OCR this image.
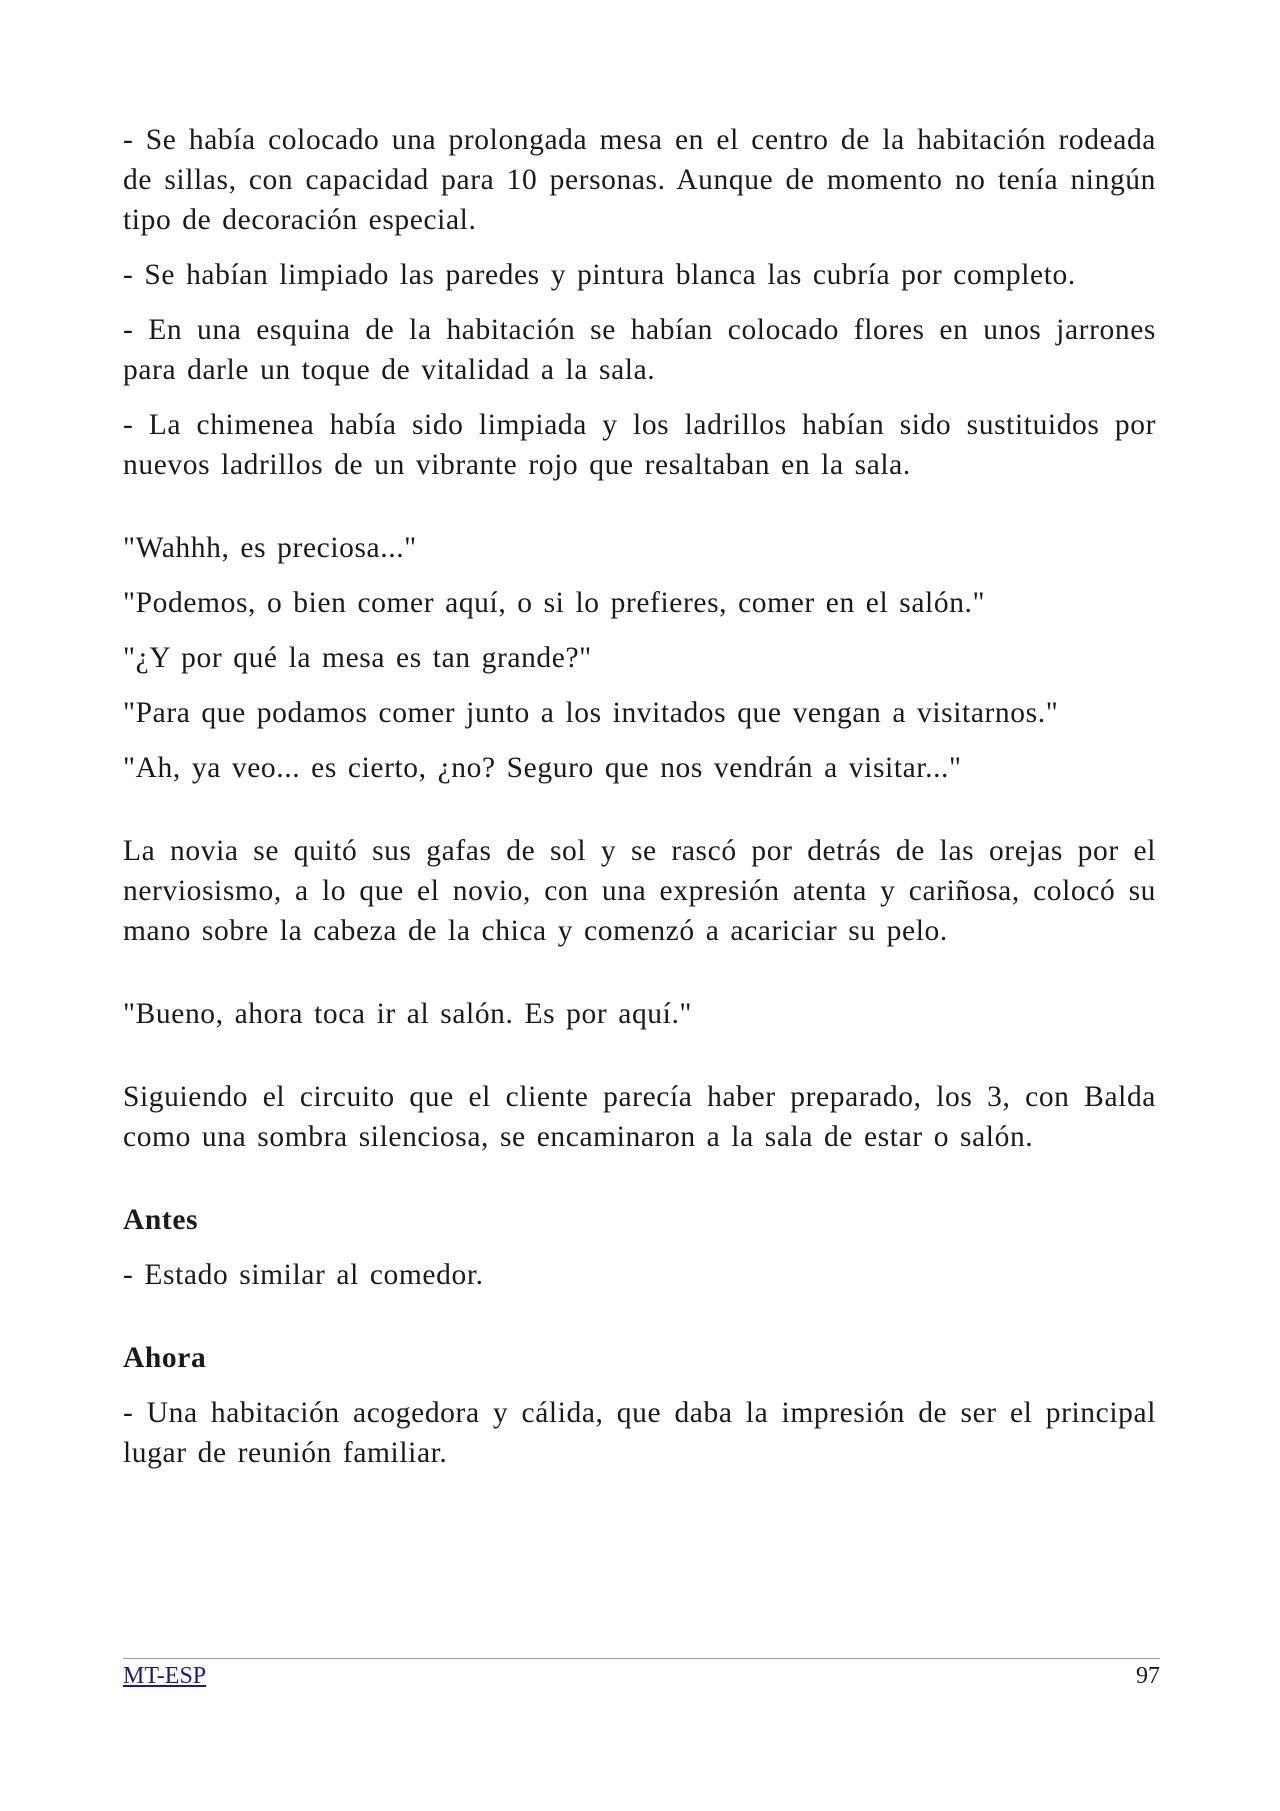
- Se había colocado una prolongada mesa en el centro de la habitación rodeada de sillas, con capacidad para 10 personas. Aunque de momento no tenía ningún tipo de decoración especial.

- Se habían limpiado las paredes y pintura blanca las cubría por completo.

- En una esquina de la habitación se habían colocado flores en unos jarrones para darle un toque de vitalidad a la sala.

- La chimenea había sido limpiada y los ladrillos habían sido sustituidos por nuevos ladrillos de un vibrante rojo que resaltaban en la sala.

"Wahhh, es preciosa..."

"Podemos, o bien comer aquí, o si lo prefieres, comer en el salón."

"¿Y por qué la mesa es tan grande?"

"Para que podamos comer junto a los invitados que vengan a visitarnos."

"Ah, ya veo... es cierto, ¿no? Seguro que nos vendrán a visitar..."

La novia se quitó sus gafas de sol y se rascó por detrás de las orejas por el nerviosismo, a lo que el novio, con una expresión atenta y cariñosa, colocó su mano sobre la cabeza de la chica y comenzó a acariciar su pelo.

"Bueno, ahora toca ir al salón. Es por aquí."

Siguiendo el circuito que el cliente parecía haber preparado, los 3, con Balda como una sombra silenciosa, se encaminaron a la sala de estar o salón.

Antes

- Estado similar al comedor.

Ahora

- Una habitación acogedora y cálida, que daba la impresión de ser el principal lugar de reunión familiar.

MT-ESP	97
